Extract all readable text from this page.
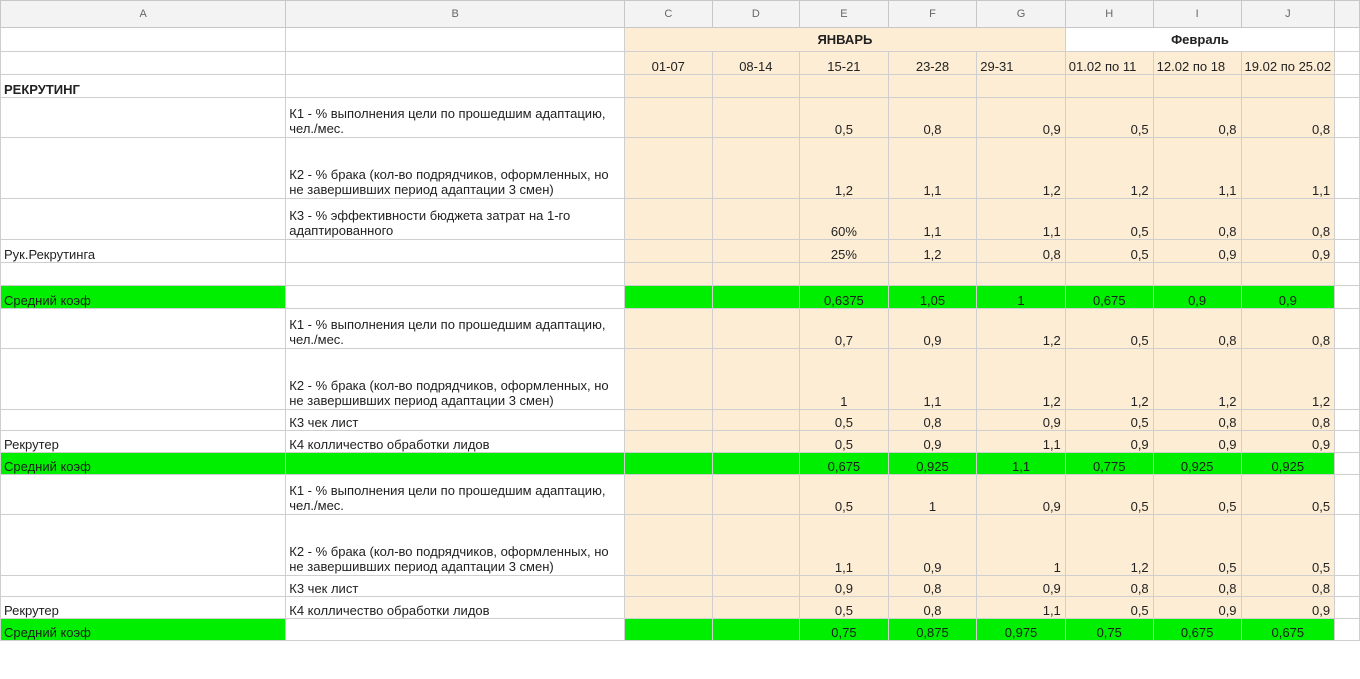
A	B	C	D	E	F	G	H	I	J	
		ЯНВАРЬ					Февраль			
		01-07	08-14	15-21	23-28	29-31	01.02 по 11	12.02 по 18	19.02 по 25.02	
РЕКРУТИНГ										
	К1 - % выполнения цели по прошедшим адаптацию, чел./мес.			0,5	0,8	0,9	0,5	0,8	0,8	
	К2 - % брака (кол-во подрядчиков, оформленных, но не завершивших период адаптации 3 смен)			1,2	1,1	1,2	1,2	1,1	1,1	
	К3 - % эффективности бюджета затрат на 1-го адаптированного			60%	1,1	1,1	0,5	0,8	0,8	
Рук.Рекрутинга				25%	1,2	0,8	0,5	0,9	0,9	

Средний коэф				0,6375	1,05	1	0,675	0,9	0,9	
	К1 - % выполнения цели по прошедшим адаптацию, чел./мес.			0,7	0,9	1,2	0,5	0,8	0,8	
	К2 - % брака (кол-во подрядчиков, оформленных, но не завершивших период адаптации 3 смен)			1	1,1	1,2	1,2	1,2	1,2	
	К3 чек лист			0,5	0,8	0,9	0,5	0,8	0,8	
Рекрутер	К4 колличество обработки лидов			0,5	0,9	1,1	0,9	0,9	0,9	
Средний коэф				0,675	0,925	1,1	0,775	0,925	0,925	
	К1 - % выполнения цели по прошедшим адаптацию, чел./мес.			0,5	1	0,9	0,5	0,5	0,5	
	К2 - % брака (кол-во подрядчиков, оформленных, но не завершивших период адаптации 3 смен)			1,1	0,9	1	1,2	0,5	0,5	
	К3 чек лист			0,9	0,8	0,9	0,8	0,8	0,8	
Рекрутер	К4 колличество обработки лидов			0,5	0,8	1,1	0,5	0,9	0,9	
Средний коэф				0,75	0,875	0,975	0,75	0,675	0,675	
